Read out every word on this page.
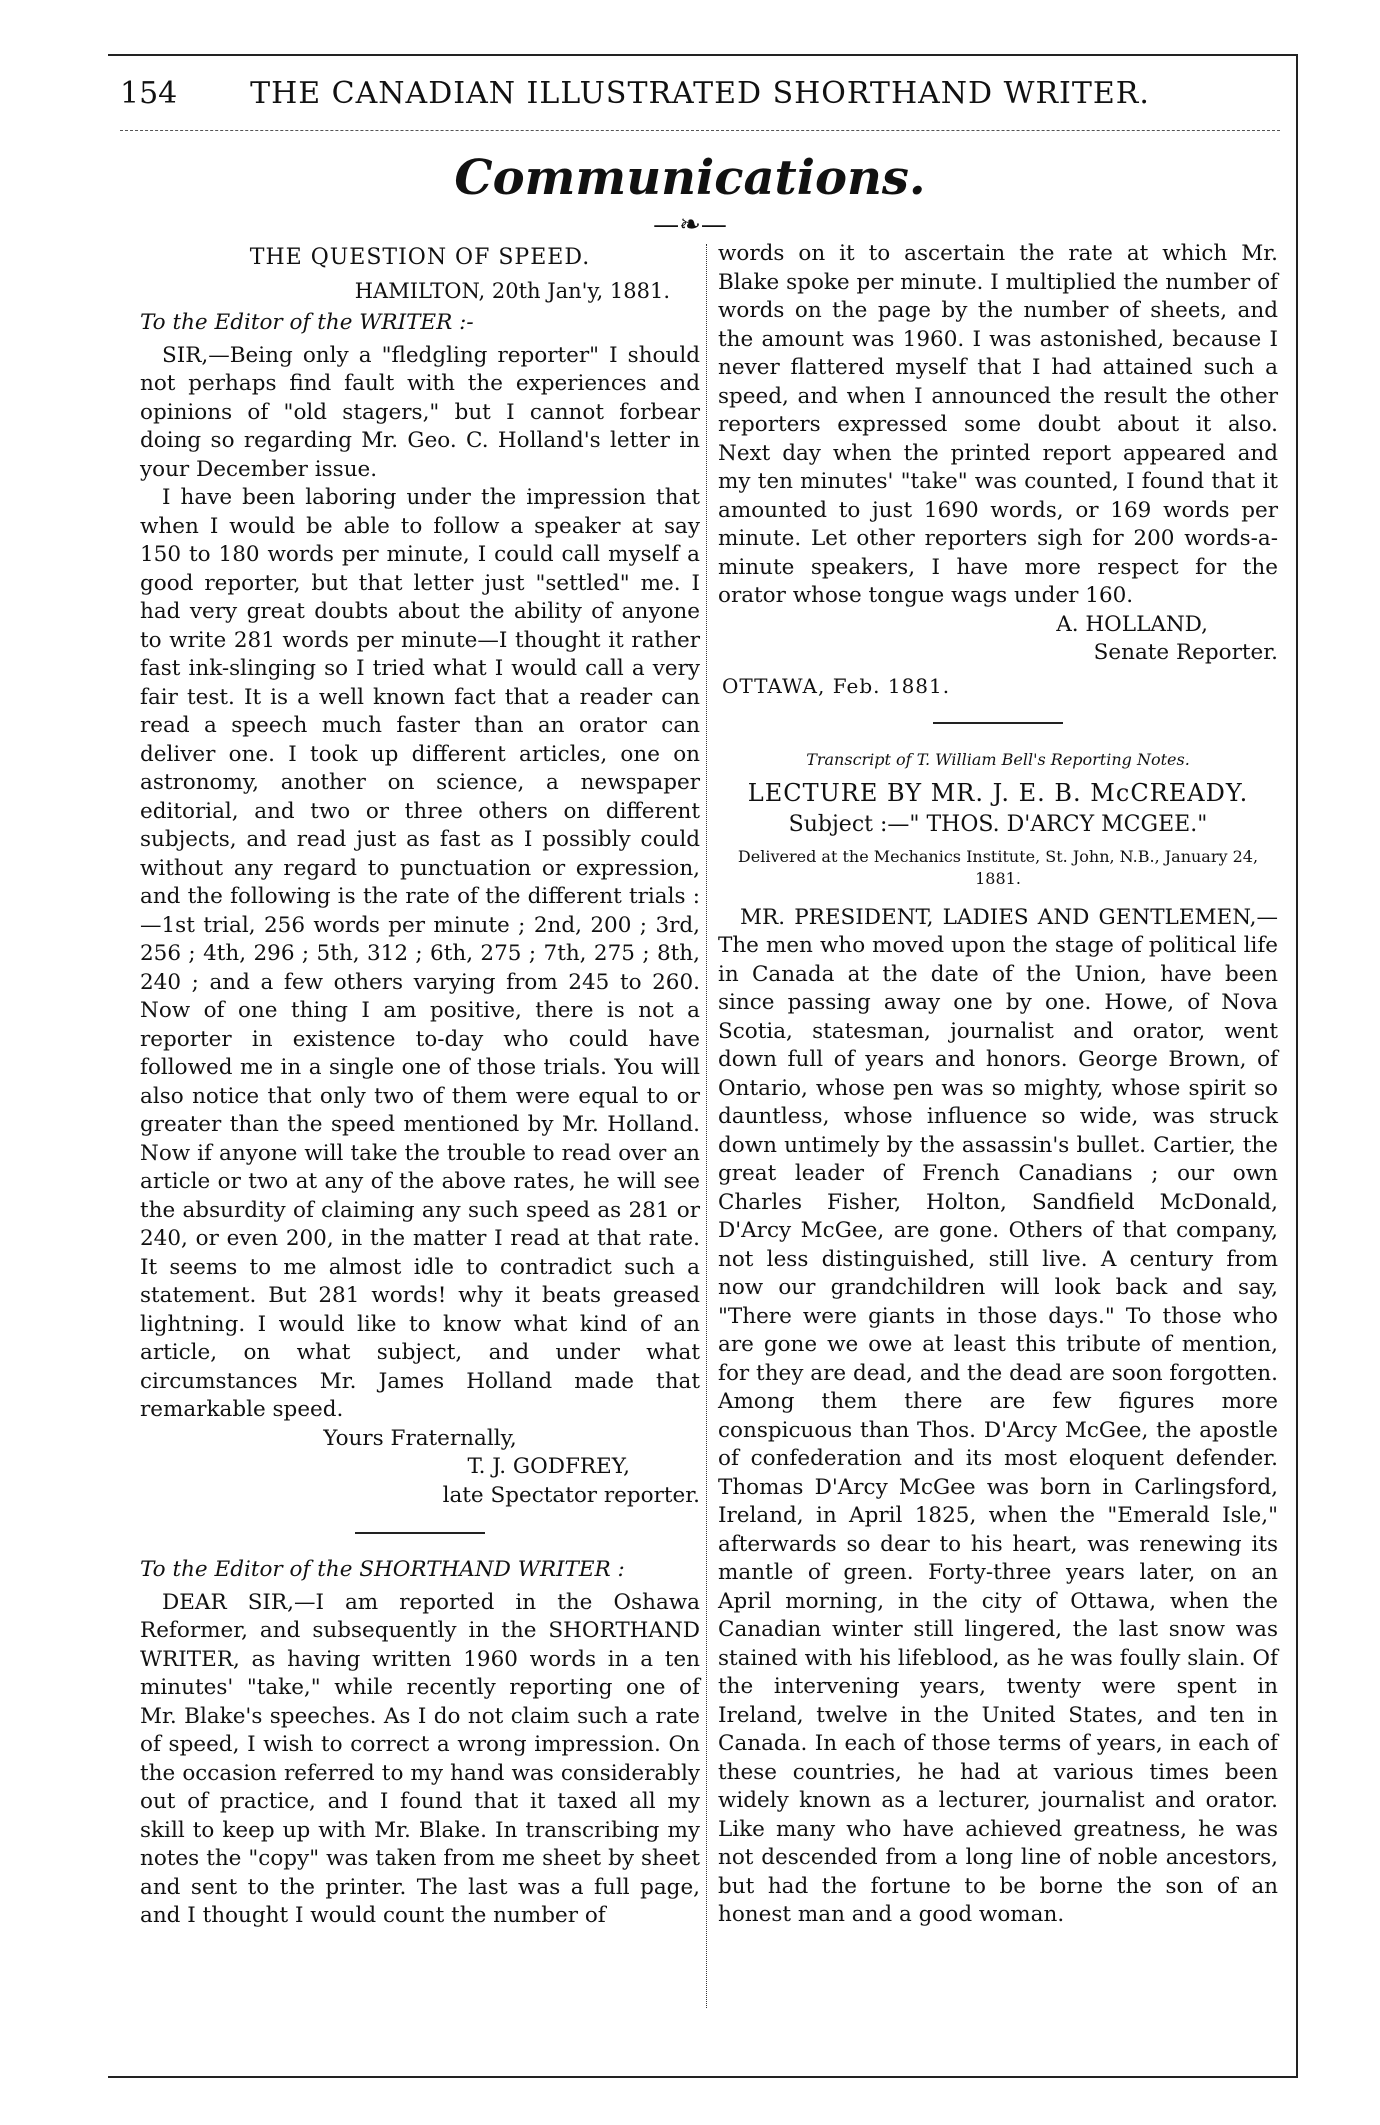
154	THE CANADIAN ILLUSTRATED SHORTHAND WRITER.
Communications.
—❧—
THE QUESTION OF SPEED.
HAMILTON, 20th Jan'y, 1881.
To the Editor of the WRITER :-

SIR,—Being only a "fledgling reporter" I should not perhaps find fault with the experiences and opinions of "old stagers," but I cannot forbear doing so regarding Mr. Geo. C. Holland's letter in your December issue.

I have been laboring under the impression that when I would be able to follow a speaker at say 150 to 180 words per minute, I could call myself a good reporter, but that letter just "settled" me. I had very great doubts about the ability of anyone to write 281 words per minute—I thought it rather fast ink-slinging so I tried what I would call a very fair test. It is a well known fact that a reader can read a speech much faster than an orator can deliver one. I took up different articles, one on astronomy, another on science, a newspaper editorial, and two or three others on different subjects, and read just as fast as I possibly could without any regard to punctuation or expression, and the following is the rate of the different trials :—1st trial, 256 words per minute ; 2nd, 200 ; 3rd, 256 ; 4th, 296 ; 5th, 312 ; 6th, 275 ; 7th, 275 ; 8th, 240 ; and a few others varying from 245 to 260. Now of one thing I am positive, there is not a reporter in existence to-day who could have followed me in a single one of those trials. You will also notice that only two of them were equal to or greater than the speed mentioned by Mr. Holland. Now if anyone will take the trouble to read over an article or two at any of the above rates, he will see the absurdity of claiming any such speed as 281 or 240, or even 200, in the matter I read at that rate. It seems to me almost idle to contradict such a statement. But 281 words! why it beats greased lightning. I would like to know what kind of an article, on what subject, and under what circumstances Mr. James Holland made that remarkable speed.

Yours Fraternally,
T. J. GODFREY,
late Spectator reporter.
To the Editor of the SHORTHAND WRITER :

DEAR SIR,—I am reported in the Oshawa Reformer, and subsequently in the SHORTHAND WRITER, as having written 1960 words in a ten minutes' "take," while recently reporting one of Mr. Blake's speeches. As I do not claim such a rate of speed, I wish to correct a wrong impression. On the occasion referred to my hand was considerably out of practice, and I found that it taxed all my skill to keep up with Mr. Blake. In transcribing my notes the "copy" was taken from me sheet by sheet and sent to the printer. The last was a full page, and I thought I would count the number of

words on it to ascertain the rate at which Mr. Blake spoke per minute. I multiplied the number of words on the page by the number of sheets, and the amount was 1960. I was astonished, because I never flattered myself that I had attained such a speed, and when I announced the result the other reporters expressed some doubt about it also. Next day when the printed report appeared and my ten minutes' "take" was counted, I found that it amounted to just 1690 words, or 169 words per minute. Let other reporters sigh for 200 words-a-minute speakers, I have more respect for the orator whose tongue wags under 160.

A. HOLLAND,
Senate Reporter.
OTTAWA, Feb. 1881.
Transcript of T. William Bell's Reporting Notes.
LECTURE BY MR. J. E. B. McCREADY.
Subject :—" THOS. D'ARCY MCGEE."
Delivered at the Mechanics Institute, St. John, N.B., January 24, 1881.

MR. PRESIDENT, LADIES AND GENTLEMEN,— The men who moved upon the stage of political life in Canada at the date of the Union, have been since passing away one by one. Howe, of Nova Scotia, statesman, journalist and orator, went down full of years and honors. George Brown, of Ontario, whose pen was so mighty, whose spirit so dauntless, whose influence so wide, was struck down untimely by the assassin's bullet. Cartier, the great leader of French Canadians ; our own Charles Fisher, Holton, Sandfield McDonald, D'Arcy McGee, are gone. Others of that company, not less distinguished, still live. A century from now our grandchildren will look back and say, "There were giants in those days." To those who are gone we owe at least this tribute of mention, for they are dead, and the dead are soon forgotten. Among them there are few figures more conspicuous than Thos. D'Arcy McGee, the apostle of confederation and its most eloquent defender. Thomas D'Arcy McGee was born in Carlingsford, Ireland, in April 1825, when the "Emerald Isle," afterwards so dear to his heart, was renewing its mantle of green. Forty-three years later, on an April morning, in the city of Ottawa, when the Canadian winter still lingered, the last snow was stained with his lifeblood, as he was foully slain. Of the intervening years, twenty were spent in Ireland, twelve in the United States, and ten in Canada. In each of those terms of years, in each of these countries, he had at various times been widely known as a lecturer, journalist and orator. Like many who have achieved greatness, he was not descended from a long line of noble ancestors, but had the fortune to be borne the son of an honest man and a good woman.
